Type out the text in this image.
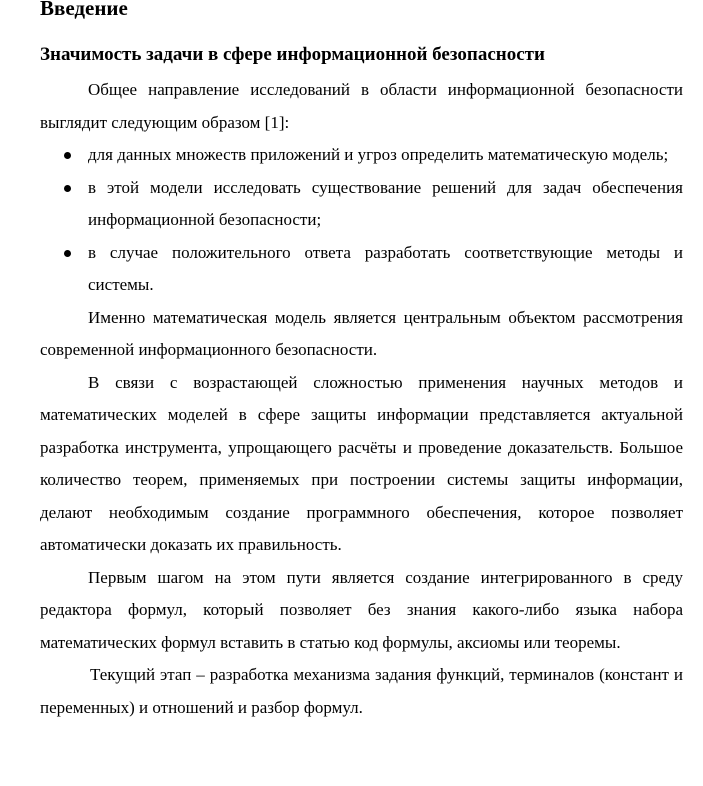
Введение
Значимость задачи в сфере информационной безопасности

Общее направление исследований в области информационной безопасности выглядит следующим образом [1]:

для данных множеств приложений и угроз определить математическую модель;
в этой модели исследовать существование решений для задач обеспечения информационной безопасности;
в случае положительного ответа разработать соответствующие методы и системы.

Именно математическая модель является центральным объектом рассмотрения современной информационного безопасности.

В связи с возрастающей сложностью применения научных методов и математических моделей в сфере защиты информации представляется актуальной разработка инструмента, упрощающего расчёты и проведение доказательств. Большое количество теорем, применяемых при построении системы защиты информации, делают необходимым создание программного обеспечения, которое позволяет автоматически доказать их правильность.

Первым шагом на этом пути является создание интегрированного в среду редактора формул, который позволяет без знания какого-либо языка набора математических формул вставить в статью код формулы, аксиомы или теоремы.

Текущий этап – разработка механизма задания функций, терминалов (констант и переменных) и отношений и разбор формул.
